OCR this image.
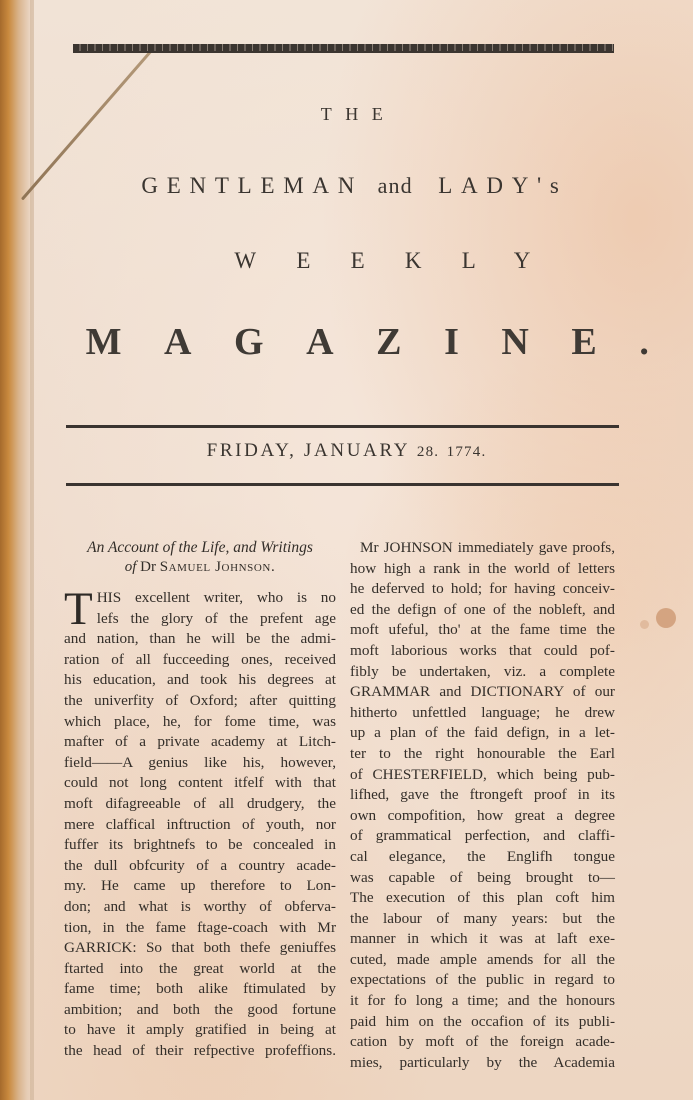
THE
GENTLEMAN and LADY's
WEEKLY
MAGAZINE.
FRIDAY, JANUARY 28. 1774.
An Account of the Life, and Writings
of Dr Samuel Johnson.
T HIS excellent writer, who is no
lefs the glory of the prefent age
and nation, than he will be the admi-
ration of all fucceeding ones, received
his education, and took his degrees at
the univerfity of Oxford; after quitting
which place, he, for fome time, was
mafter of a private academy at Litch-
field——A genius like his, however,
could not long content itfelf with that
moft difagreeable of all drudgery, the
mere claffical inftruction of youth, nor
fuffer its brightnefs to be concealed in
the dull obfcurity of a country acade-
my. He came up therefore to Lon-
don; and what is worthy of obferva-
tion, in the fame ftage-coach with Mr
GARRICK: So that both thefe geniuffes
ftarted into the great world at the
fame time; both alike ftimulated by
ambition; and both the good fortune
to have it amply gratified in being at
the head of their refpective profeffions.
Mr JOHNSON immediately gave proofs,
how high a rank in the world of letters
he deferved to hold; for having conceiv-
ed the defign of one of the nobleft, and
moft ufeful, tho' at the fame time the
moft laborious works that could pof-
fibly be undertaken, viz. a complete
GRAMMAR and DICTIONARY of our
hitherto unfettled language; he drew
up a plan of the faid defign, in a let-
ter to the right honourable the Earl
of CHESTERFIELD, which being pub-
lifhed, gave the ftrongeft proof in its
own compofition, how great a degree
of grammatical perfection, and claffi-
cal elegance, the Englifh tongue
was capable of being brought to—
The execution of this plan coft him
the labour of many years: but the
manner in which it was at laft exe-
cuted, made ample amends for all the
expectations of the public in regard to
it for fo long a time; and the honours
paid him on the occafion of its publi-
cation by moft of the foreign acade-
mies, particularly by the Academia
